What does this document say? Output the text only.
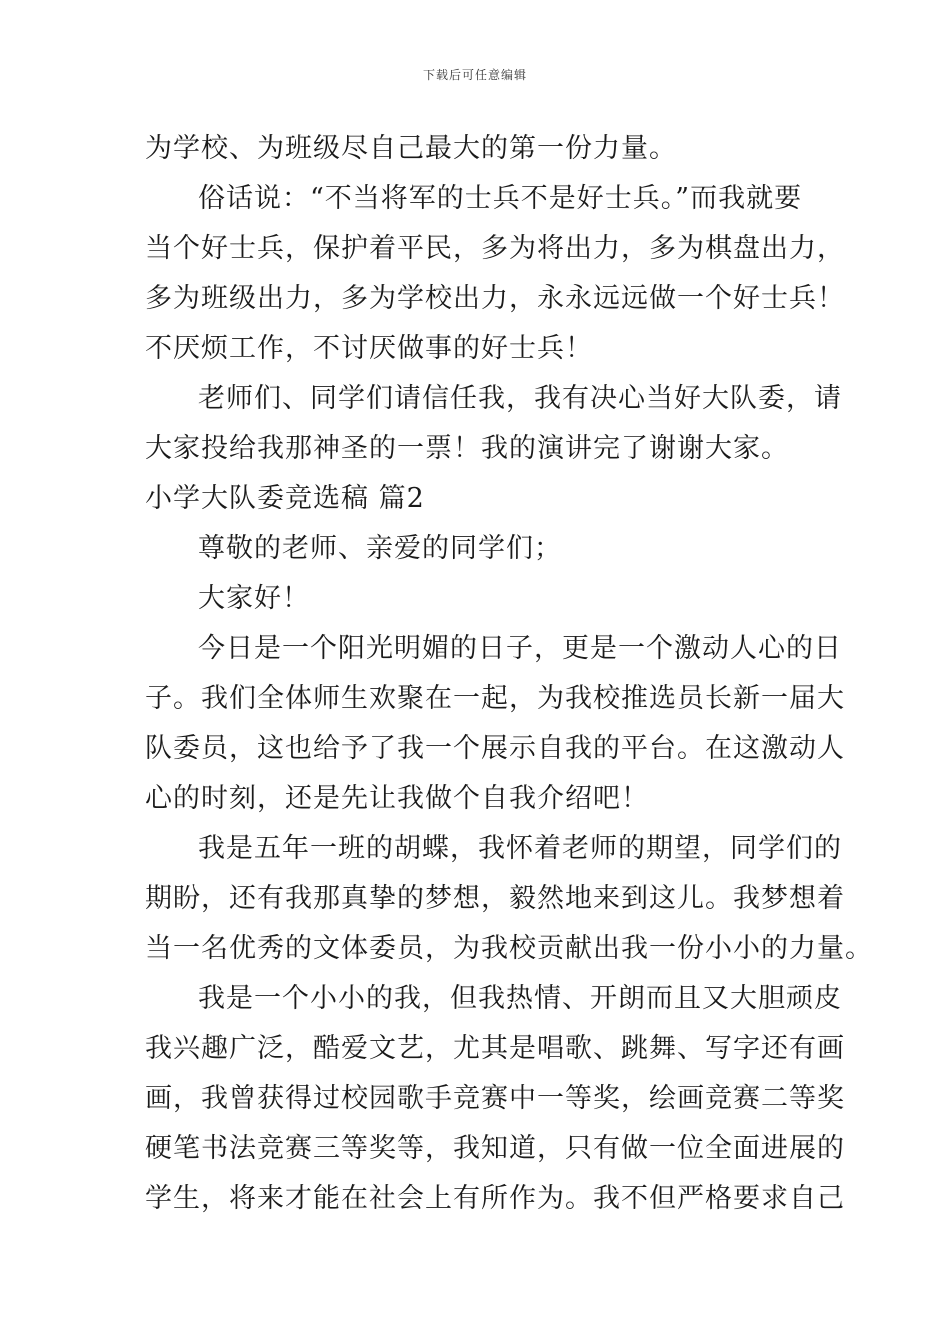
下载后可任意编辑
为学校、为班级尽自己最大的第一份力量。
俗话说：“不当将军的士兵不是好士兵。”而我就要
当个好士兵，保护着平民，多为将出力，多为棋盘出力，
多为班级出力，多为学校出力，永永远远做一个好士兵！
不厌烦工作，不讨厌做事的好士兵！
老师们、同学们请信任我，我有决心当好大队委，请
大家投给我那神圣的一票！我的演讲完了谢谢大家。
小学大队委竞选稿 篇2
尊敬的老师、亲爱的同学们；
大家好！
今日是一个阳光明媚的日子，更是一个激动人心的日
子。我们全体师生欢聚在一起，为我校推选员长新一届大
队委员，这也给予了我一个展示自我的平台。在这激动人
心的时刻，还是先让我做个自我介绍吧！
我是五年一班的胡蝶，我怀着老师的期望，同学们的
期盼，还有我那真挚的梦想，毅然地来到这儿。我梦想着
当一名优秀的文体委员，为我校贡献出我一份小小的力量。
我是一个小小的我，但我热情、开朗而且又大胆顽皮
我兴趣广泛，酷爱文艺，尤其是唱歌、跳舞、写字还有画
画，我曾获得过校园歌手竞赛中一等奖，绘画竞赛二等奖
硬笔书法竞赛三等奖等，我知道，只有做一位全面进展的
学生，将来才能在社会上有所作为。我不但严格要求自己
